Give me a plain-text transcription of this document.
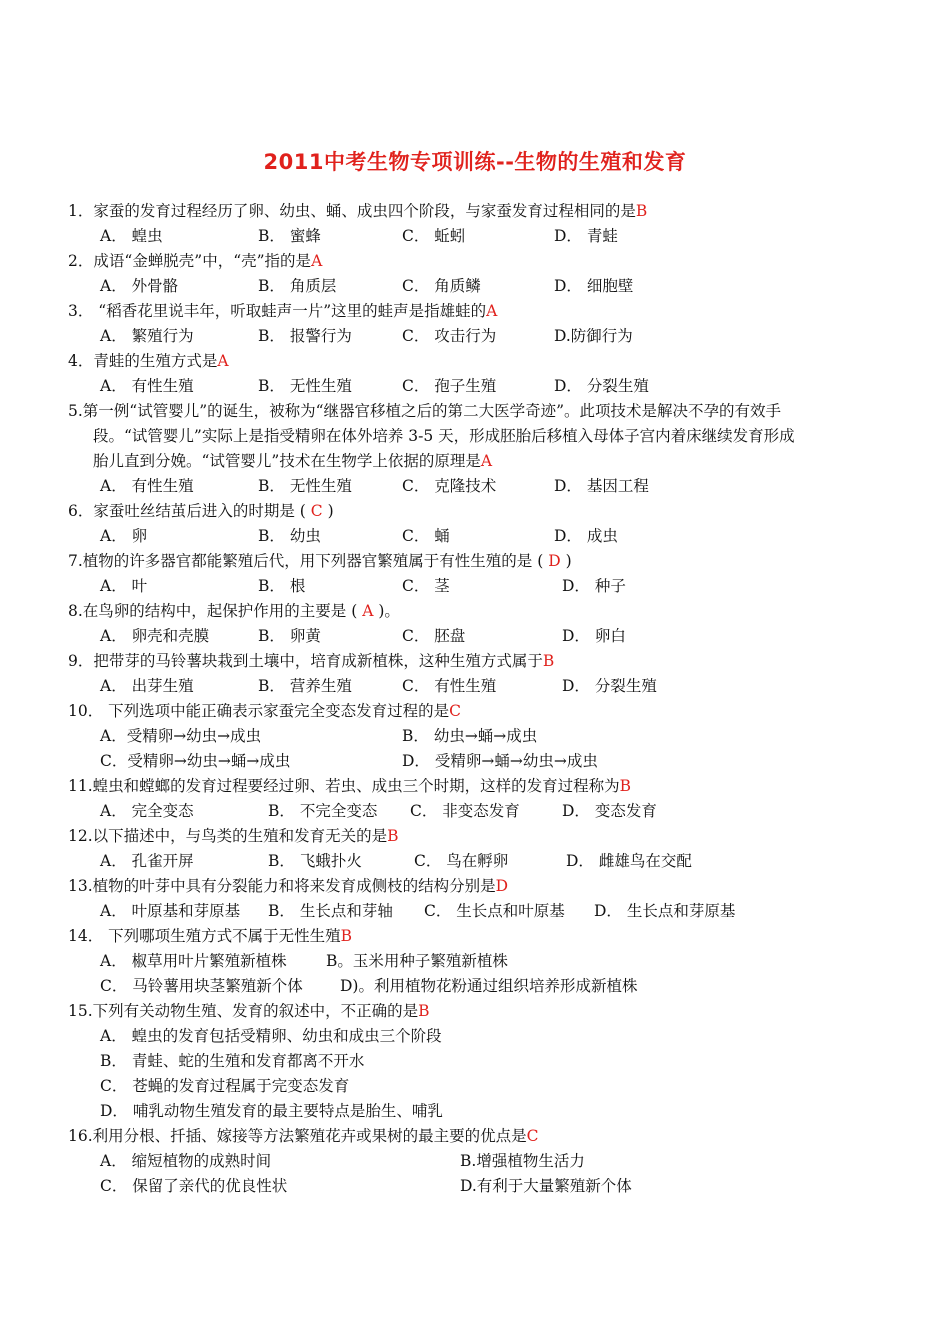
2011中考生物专项训练--生物的生殖和发育
1．家蚕的发育过程经历了卵、幼虫、蛹、成虫四个阶段，与家蚕发育过程相同的是B
A． 蝗虫	B． 蜜蜂	C． 蚯蚓	D． 青蛙
2．成语“金蝉脱壳”中，“壳”指的是A
A． 外骨骼	B． 角质层	C． 角质鳞	D． 细胞壁
3． “稻香花里说丰年，听取蛙声一片”这里的蛙声是指雄蛙的A
A． 繁殖行为	B． 报警行为	C． 攻击行为	D.防御行为
4．青蛙的生殖方式是A
A． 有性生殖	B． 无性生殖	C． 孢子生殖	D． 分裂生殖
5.第一例“试管婴儿”的诞生，被称为“继器官移植之后的第二大医学奇迹”。此项技术是解决不孕的有效手
段。“试管婴儿”实际上是指受精卵在体外培养 3-5 天，形成胚胎后移植入母体子宫内着床继续发育形成
胎儿直到分娩。“试管婴儿”技术在生物学上依据的原理是A
A． 有性生殖	B． 无性生殖	C． 克隆技术	D． 基因工程
6．家蚕吐丝结茧后进入的时期是 ( C )
A． 卵	B． 幼虫	C． 蛹	D． 成虫
7.植物的许多器官都能繁殖后代，用下列器官繁殖属于有性生殖的是 ( D )
A． 叶	B． 根	C． 茎	D． 种子
8.在鸟卵的结构中，起保护作用的主要是 ( A )。
A． 卵壳和壳膜	B． 卵黄	C． 胚盘	D． 卵白
9．把带芽的马铃薯块栽到土壤中，培育成新植株，这种生殖方式属于B
A． 出芽生殖	B． 营养生殖	C． 有性生殖	D． 分裂生殖
10． 下列选项中能正确表示家蚕完全变态发育过程的是C
A．受精卵→幼虫→成虫	B． 幼虫→蛹→成虫
C．受精卵→幼虫→蛹→成虫	D． 受精卵→蛹→幼虫→成虫
11.蝗虫和螳螂的发育过程要经过卵、若虫、成虫三个时期，这样的发育过程称为B
A． 完全变态	B． 不完全变态 C． 非变态发育	D． 变态发育
12.以下描述中，与鸟类的生殖和发育无关的是B
A． 孔雀开屏	B． 飞蛾扑火	C． 鸟在孵卵	D． 雌雄鸟在交配
13.植物的叶芽中具有分裂能力和将来发育成侧枝的结构分别是D
A． 叶原基和芽原基 B． 生长点和芽轴 C． 生长点和叶原基 D． 生长点和芽原基
14． 下列哪项生殖方式不属于无性生殖B
A． 椒草用叶片繁殖新植株	B。玉米用种子繁殖新植株
C． 马铃薯用块茎繁殖新个体 D)。利用植物花粉通过组织培养形成新植株
15.下列有关动物生殖、发育的叙述中，不正确的是B
A． 蝗虫的发育包括受精卵、幼虫和成虫三个阶段
B． 青蛙、蛇的生殖和发育都离不开水
C． 苍蝇的发育过程属于完变态发育
D． 哺乳动物生殖发育的最主要特点是胎生、哺乳
16.利用分根、扦插、嫁接等方法繁殖花卉或果树的最主要的优点是C
A． 缩短植物的成熟时间	B.增强植物生活力
C． 保留了亲代的优良性状	D.有利于大量繁殖新个体
